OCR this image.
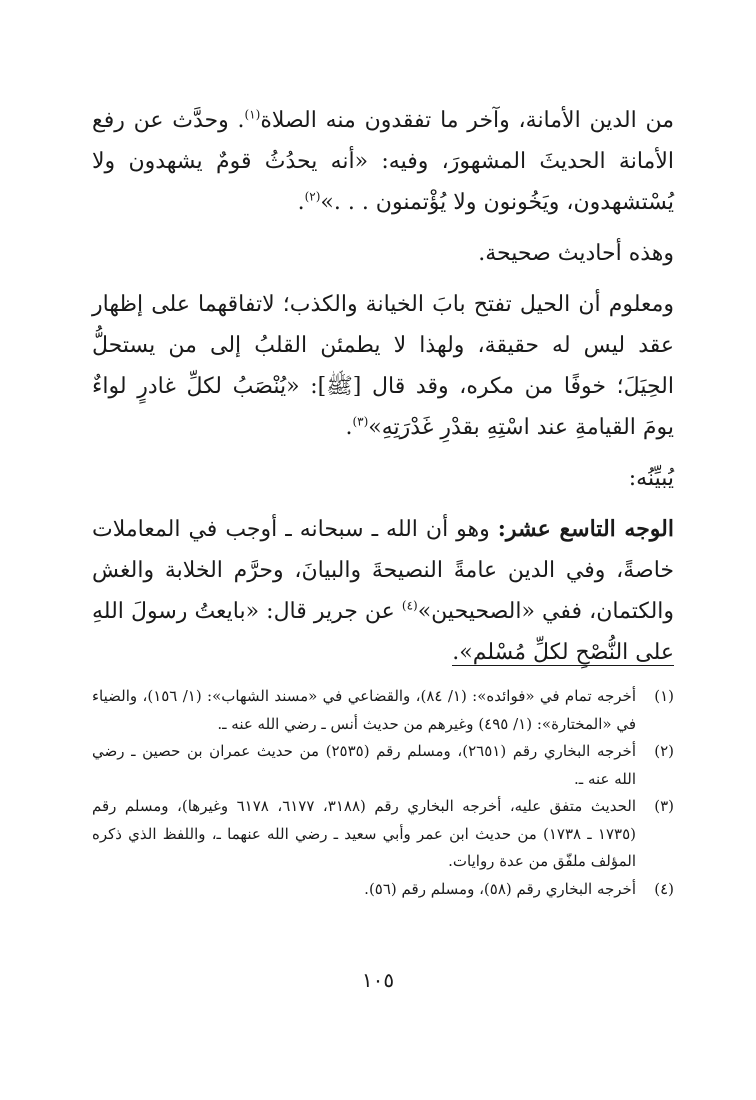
من الدين الأمانة، وآخر ما تفقدون منه الصلاة$^{(١)}$. وحدَّث عن رفع الأمانة الحديثَ المشهورَ، وفيه: «أنه يحدُثُ قومٌ يشهدون ولا يُسْتشهدون، ويَخُونون ولا يُؤْتمنون . . .»$^{(٢)}$.

وهذه أحاديث صحيحة.

ومعلوم أن الحيل تفتح بابَ الخيانة والكذب؛ لاتفاقهما على إظهار عقد ليس له حقيقة، ولهذا لا يطمئن القلبُ إلى من يستحلُّ الحِيَلَ؛ خوفًا من مكره، وقد قال [ﷺ]: «يُنْصَبُ لكلِّ غادرٍ لواءٌ يومَ القيامةِ عند اسْتِهِ بقدْرِ غَدْرَتِهِ»$^{(٣)}$.

يُبيِّنُه:

الوجه التاسع عشر: وهو أن الله ـ سبحانه ـ أوجب في المعاملات خاصةً، وفي الدين عامةً النصيحةَ والبيانَ، وحرَّم الخلابة والغش والكتمان، ففي «الصحيحين»$^{(٤)}$ عن جرير قال: «بايعتُ رسولَ اللهِ على النُّصْحِ لكلِّ مُسْلم».

(١)
أخرجه تمام في «فوائده»: (١/ ٨٤)، والقضاعي في «مسند الشهاب»: (١/ ١٥٦)، والضياء في «المختارة»: (١/ ٤٩٥) وغيرهم من حديث أنس ـ رضي الله عنه ـ.
(٢)
أخرجه البخاري رقم (٢٦٥١)، ومسلم رقم (٢٥٣٥) من حديث عمران بن حصين ـ رضي الله عنه ـ.
(٣)
الحديث متفق عليه، أخرجه البخاري رقم (٣١٨٨، ٦١٧٧، ٦١٧٨ وغيرها)، ومسلم رقم (١٧٣٥ ـ ١٧٣٨) من حديث ابن عمر وأبي سعيد ـ رضي الله عنهما ـ، واللفظ الذي ذكره المؤلف ملفّق من عدة روايات.
(٤)
أخرجه البخاري رقم (٥٨)، ومسلم رقم (٥٦).
١٠٥
